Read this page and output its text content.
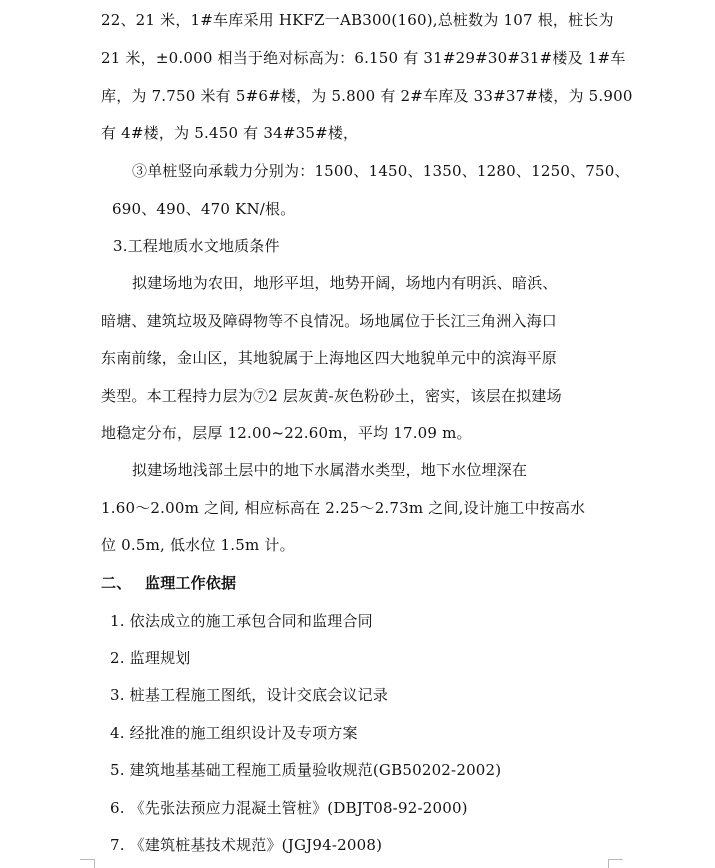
22、21 米，1#车库采用 HKFZ一AB300(160),总桩数为 107 根，桩长为
21 米，±0.000 相当于绝对标高为：6.150 有 31#29#30#31#楼及 1#车
库，为 7.750 米有 5#6#楼，为 5.800 有 2#车库及 33#37#楼，为 5.900
有 4#楼，为 5.450 有 34#35#楼，
③单桩竖向承载力分别为：1500、1450、1350、1280、1250、750、
690、490、470 KN/根。
3.工程地质水文地质条件
拟建场地为农田，地形平坦，地势开阔，场地内有明浜、暗浜、
暗塘、建筑垃圾及障碍物等不良情况。场地属位于长江三角洲入海口
东南前缘，金山区，其地貌属于上海地区四大地貌单元中的滨海平原
类型。本工程持力层为⑦2 层灰黄-灰色粉砂土，密实，该层在拟建场
地稳定分布，层厚 12.00~22.60m，平均 17.09 m。
拟建场地浅部土层中的地下水属潜水类型，地下水位埋深在
1.60～2.00m 之间, 相应标高在 2.25～2.73m 之间,设计施工中按高水
位 0.5m, 低水位 1.5m 计。
二、 监理工作依据
1. 依法成立的施工承包合同和监理合同
2. 监理规划
3. 桩基工程施工图纸，设计交底会议记录
4. 经批准的施工组织设计及专项方案
5. 建筑地基基础工程施工质量验收规范(GB50202-2002)
6. 《先张法预应力混凝土管桩》(DBJT08-92-2000)
7. 《建筑桩基技术规范》(JGJ94-2008)
